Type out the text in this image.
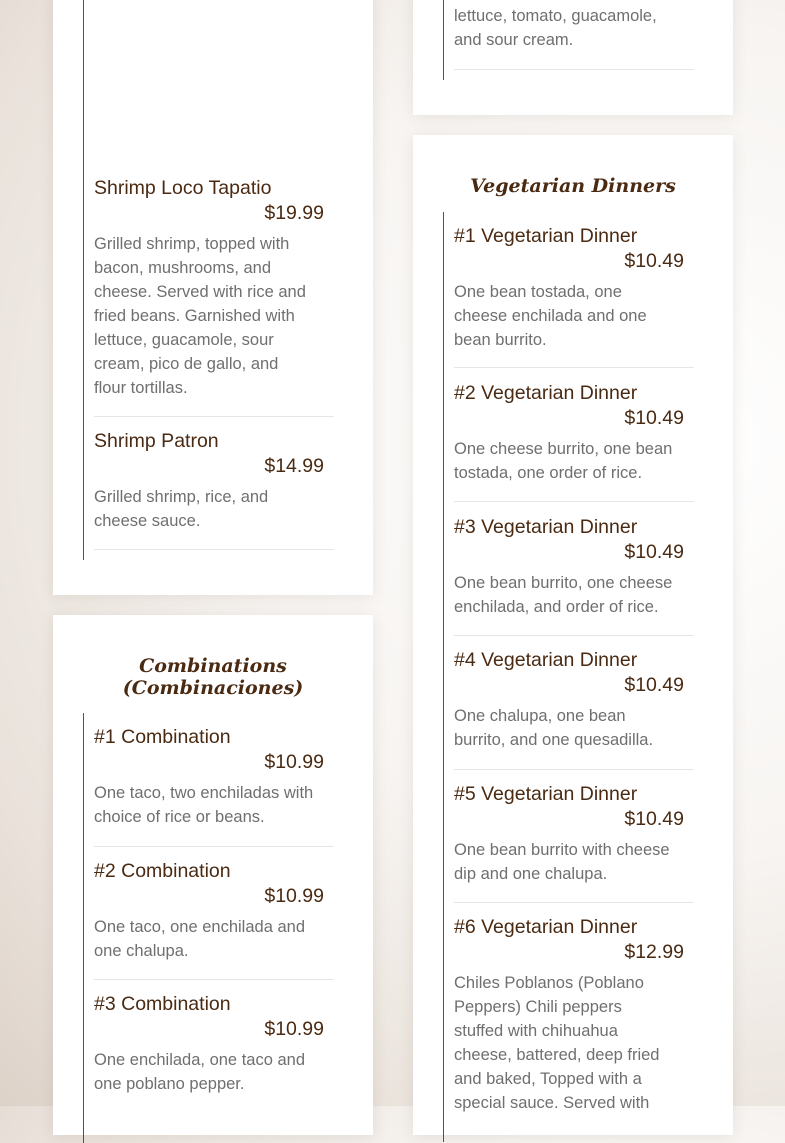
Shrimp Loco Tapatio
$19.99

Grilled shrimp, topped with bacon, mushrooms, and cheese. Served with rice and fried beans. Garnished with lettuce, guacamole, sour cream, pico de gallo, and flour tortillas.

Shrimp Patron
$14.99

Grilled shrimp, rice, and cheese sauce.

lettuce, tomato, guacamole, and sour cream.

Combinations
(Combinaciones)
#1 Combination
$10.99

One taco, two enchiladas with choice of rice or beans.

#2 Combination
$10.99

One taco, one enchilada and one chalupa.

#3 Combination
$10.99

One enchilada, one taco and one poblano pepper.

Vegetarian Dinners
#1 Vegetarian Dinner
$10.49

One bean tostada, one cheese enchilada and one bean burrito.

#2 Vegetarian Dinner
$10.49

One cheese burrito, one bean tostada, one order of rice.

#3 Vegetarian Dinner
$10.49

One bean burrito, one cheese enchilada, and order of rice.

#4 Vegetarian Dinner
$10.49

One chalupa, one bean burrito, and one quesadilla.

#5 Vegetarian Dinner
$10.49

One bean burrito with cheese dip and one chalupa.

#6 Vegetarian Dinner
$12.99

Chiles Poblanos (Poblano Peppers) Chili peppers stuffed with chihuahua cheese, battered, deep fried and baked, Topped with a special sauce. Served with
